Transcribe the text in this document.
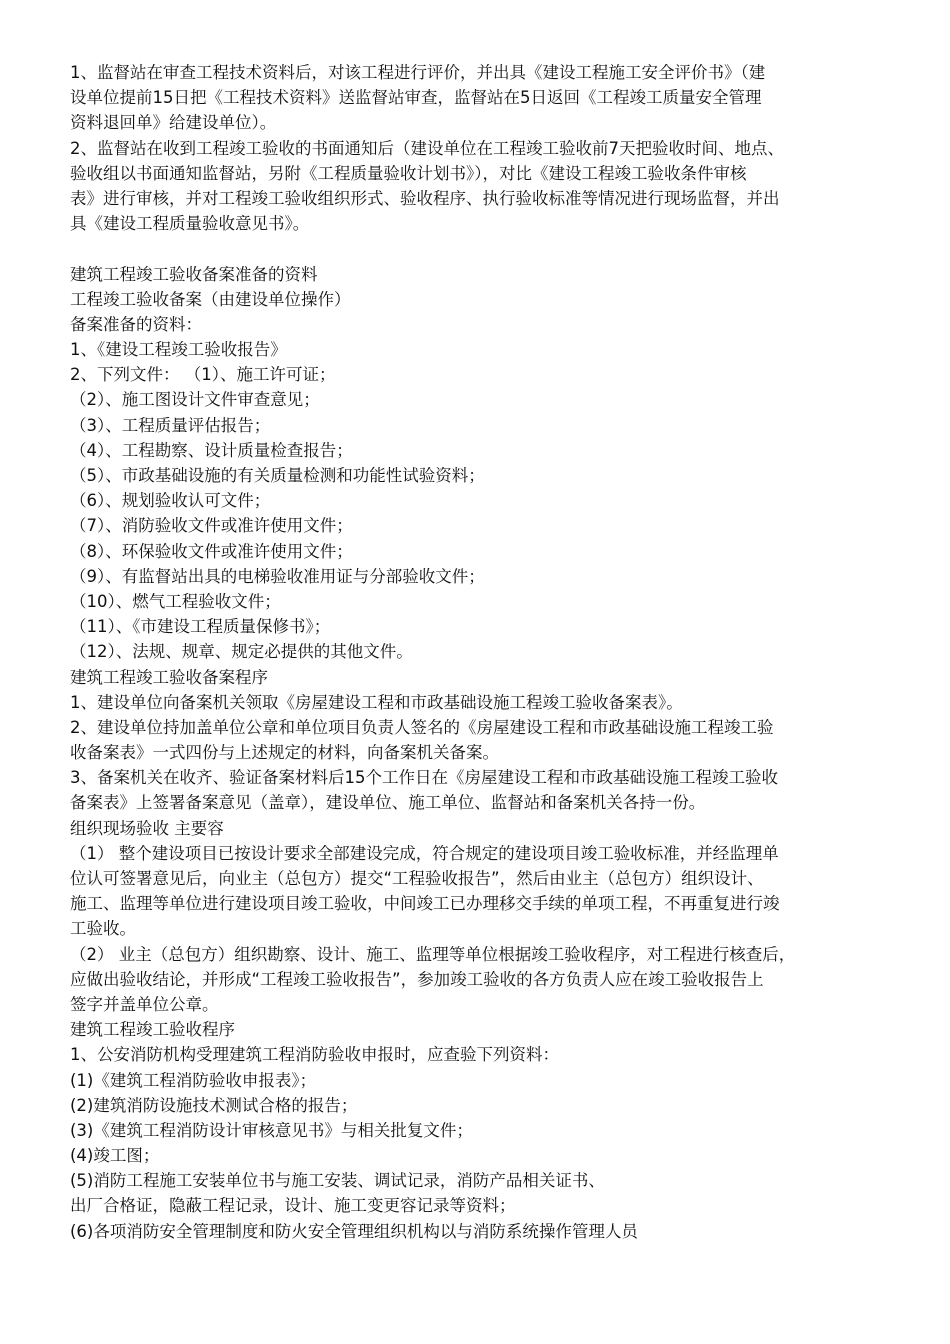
1、监督站在审查工程技术资料后，对该工程进行评价，并出具《建设工程施工安全评价书》（建
设单位提前15日把《工程技术资料》送监督站审查，监督站在5日返回《工程竣工质量安全管理
资料退回单》给建设单位）。
2、监督站在收到工程竣工验收的书面通知后（建设单位在工程竣工验收前7天把验收时间、地点、
验收组以书面通知监督站，另附《工程质量验收计划书》），对比《建设工程竣工验收条件审核
表》进行审核，并对工程竣工验收组织形式、验收程序、执行验收标准等情况进行现场监督，并出
具《建设工程质量验收意见书》。
建筑工程竣工验收备案准备的资料
工程竣工验收备案（由建设单位操作）
备案准备的资料：
1、《建设工程竣工验收报告》
2、下列文件： （1）、施工许可证；
（2）、施工图设计文件审查意见；
（3）、工程质量评估报告；
（4）、工程勘察、设计质量检查报告；
（5）、市政基础设施的有关质量检测和功能性试验资料；
（6）、规划验收认可文件；
（7）、消防验收文件或准许使用文件；
（8）、环保验收文件或准许使用文件；
（9）、有监督站出具的电梯验收准用证与分部验收文件；
（10）、燃气工程验收文件；
（11）、《市建设工程质量保修书》；
（12）、法规、规章、规定必提供的其他文件。
建筑工程竣工验收备案程序
1、建设单位向备案机关领取《房屋建设工程和市政基础设施工程竣工验收备案表》。
2、建设单位持加盖单位公章和单位项目负责人签名的《房屋建设工程和市政基础设施工程竣工验
收备案表》一式四份与上述规定的材料，向备案机关备案。
3、备案机关在收齐、验证备案材料后15个工作日在《房屋建设工程和市政基础设施工程竣工验收
备案表》上签署备案意见（盖章），建设单位、施工单位、监督站和备案机关各持一份。
组织现场验收 主要容
（1） 整个建设项目已按设计要求全部建设完成，符合规定的建设项目竣工验收标准，并经监理单
位认可签署意见后，向业主（总包方）提交“工程验收报告”，然后由业主（总包方）组织设计、
施工、监理等单位进行建设项目竣工验收，中间竣工已办理移交手续的单项工程，不再重复进行竣
工验收。
（2） 业主（总包方）组织勘察、设计、施工、监理等单位根据竣工验收程序，对工程进行核查后，
应做出验收结论，并形成“工程竣工验收报告”，参加竣工验收的各方负责人应在竣工验收报告上
签字并盖单位公章。
建筑工程竣工验收程序
1、公安消防机构受理建筑工程消防验收申报时，应查验下列资料：
(1)《建筑工程消防验收申报表》；
(2)建筑消防设施技术测试合格的报告；
(3)《建筑工程消防设计审核意见书》与相关批复文件；
(4)竣工图；
(5)消防工程施工安装单位书与施工安装、调试记录，消防产品相关证书、
出厂合格证，隐蔽工程记录，设计、施工变更容记录等资料；
(6)各项消防安全管理制度和防火安全管理组织机构以与消防系统操作管理人员
